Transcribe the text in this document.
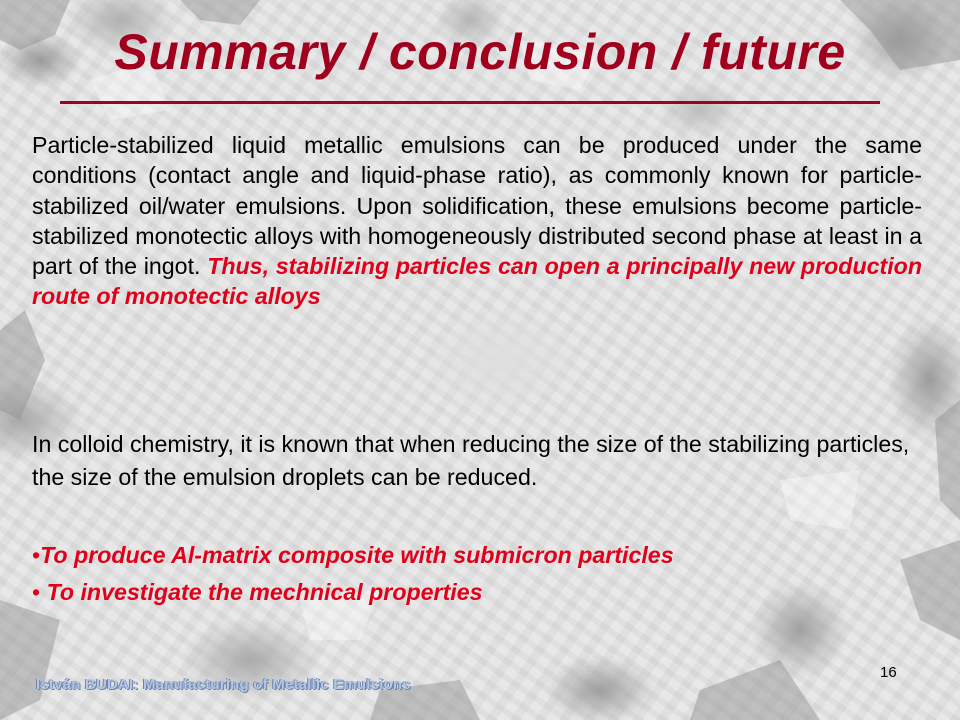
Summary / conclusion / future
Particle-stabilized liquid metallic emulsions can be produced under the same conditions (contact angle and liquid-phase ratio), as commonly known for particle-stabilized oil/water emulsions. Upon solidification, these emulsions become particle-stabilized monotectic alloys with homogeneously distributed second phase at least in a part of the ingot. Thus, stabilizing particles can open a principally new production route of monotectic alloys
In colloid chemistry, it is known that when reducing the size of the stabilizing particles, the size of the emulsion droplets can be reduced.
•To produce Al-matrix composite with submicron particles
• To investigate the mechnical properties
István BUDAI: Manufacturing of Metallic Emulsions
16
